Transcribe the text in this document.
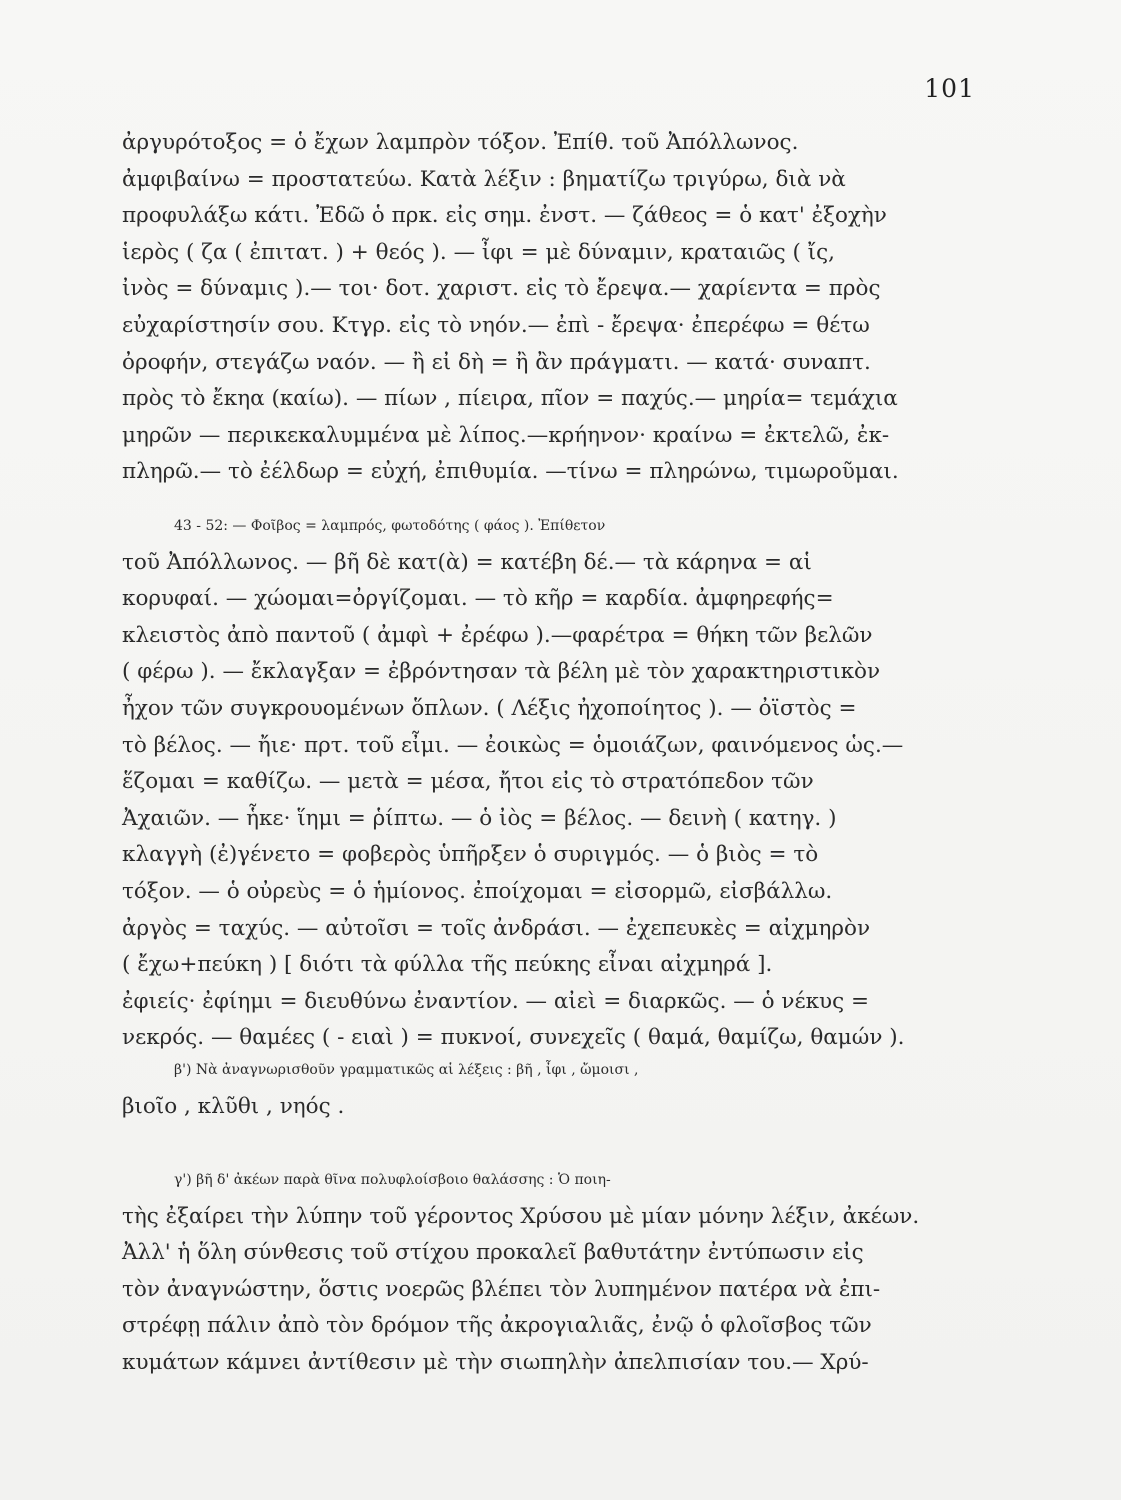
101
ἀργυρότοξος = ὁ ἔχων λαμπρὸν τόξον. Ἐπίθ. τοῦ Ἀπόλλωνος.
ἀμφιβαίνω = προστατεύω. Κατὰ λέξιν : βηματίζω τριγύρω, διὰ νὰ
προφυλάξω κάτι. Ἐδῶ ὁ πρκ. εἰς σημ. ἐνστ. — ζάθεος = ὁ κατ' ἐξοχὴν
ἱερὸς ( ζα ( ἐπιτατ. ) + θεός ). — ἶφι = μὲ δύναμιν, κραταιῶς ( ἴς,
ἰνὸς = δύναμις ).— τοι· δοτ. χαριστ. εἰς τὸ ἔρεψα.— χαρίεντα = πρὸς
εὐχαρίστησίν σου. Κτγρ. εἰς τὸ νηόν.— ἐπὶ - ἔρεψα· ἐπερέφω = θέτω
ὀροφήν, στεγάζω ναόν. — ἢ εἰ δὴ = ἢ ἂν πράγματι. — κατά· συναπτ.
πρὸς τὸ ἔκηα (καίω). — πίων , πίειρα, πῖον = παχύς.— μηρία= τεμάχια
μηρῶν — περικεκαλυμμένα μὲ λίπος.—κρήηνον· κραίνω = ἐκτελῶ, ἐκ-
πληρῶ.— τὸ ἐέλδωρ = εὐχή, ἐπιθυμία. —τίνω = πληρώνω, τιμωροῦμαι.
43 - 52: — Φοῖβος = λαμπρός, φωτοδότης ( φάος ). Ἐπίθετον
τοῦ Ἀπόλλωνος. — βῆ δὲ κατ(ὰ) = κατέβη δέ.— τὰ κάρηνα = αἱ
κορυφαί. — χώομαι=ὀργίζομαι. — τὸ κῆρ = καρδία. ἀμφηρεφής=
κλειστὸς ἀπὸ παντοῦ ( ἀμφὶ + ἐρέφω ).—φαρέτρα = θήκη τῶν βελῶν
( φέρω ). — ἔκλαγξαν = ἐβρόντησαν τὰ βέλη μὲ τὸν χαρακτηριστικὸν
ἦχον τῶν συγκρουομένων ὅπλων. ( Λέξις ἠχοποίητος ). — ὀϊστὸς =
τὸ βέλος. — ἤιε· πρτ. τοῦ εἶμι. — ἐοικὼς = ὁμοιάζων, φαινόμενος ὡς.—
ἕζομαι = καθίζω. — μετὰ = μέσα, ἤτοι εἰς τὸ στρατόπεδον τῶν
Ἀχαιῶν. — ἧκε· ἵημι = ῥίπτω. — ὁ ἰὸς = βέλος. — δεινὴ ( κατηγ. )
κλαγγὴ (ἐ)γένετο = φοβερὸς ὑπῆρξεν ὁ συριγμός. — ὁ βιὸς = τὸ
τόξον. — ὁ οὐρεὺς = ὁ ἡμίονος. ἐποίχομαι = εἰσορμῶ, εἰσβάλλω.
ἀργὸς = ταχύς. — αὐτοῖσι = τοῖς ἀνδράσι. — ἐχεπευκὲς = αἰχμηρὸν
( ἔχω+πεύκη ) [ διότι τὰ φύλλα τῆς πεύκης εἶναι αἰχμηρά ].
ἐφιείς· ἐφίημι = διευθύνω ἐναντίον. — αἰεὶ = διαρκῶς. — ὁ νέκυς =
νεκρός. — θαμέες ( - ειαὶ ) = πυκνοί, συνεχεῖς ( θαμά, θαμίζω, θαμών ).
β') Νὰ ἀναγνωρισθοῦν γραμματικῶς αἱ λέξεις : βῆ , ἶφι , ὤμοισι ,
βιοῖο , κλῦθι , νηός .
γ') βῆ δ' ἀκέων παρὰ θῖνα πολυφλοίσβοιο θαλάσσης : Ὁ ποιη-
τὴς ἐξαίρει τὴν λύπην τοῦ γέροντος Χρύσου μὲ μίαν μόνην λέξιν, ἀκέων.
Ἀλλ' ἡ ὅλη σύνθεσις τοῦ στίχου προκαλεῖ βαθυτάτην ἐντύπωσιν εἰς
τὸν ἀναγνώστην, ὅστις νοερῶς βλέπει τὸν λυπημένον πατέρα νὰ ἐπι-
στρέφῃ πάλιν ἀπὸ τὸν δρόμον τῆς ἀκρογιαλιᾶς, ἐνῷ ὁ φλοῖσβος τῶν
κυμάτων κάμνει ἀντίθεσιν μὲ τὴν σιωπηλὴν ἀπελπισίαν του.— Χρύ-
